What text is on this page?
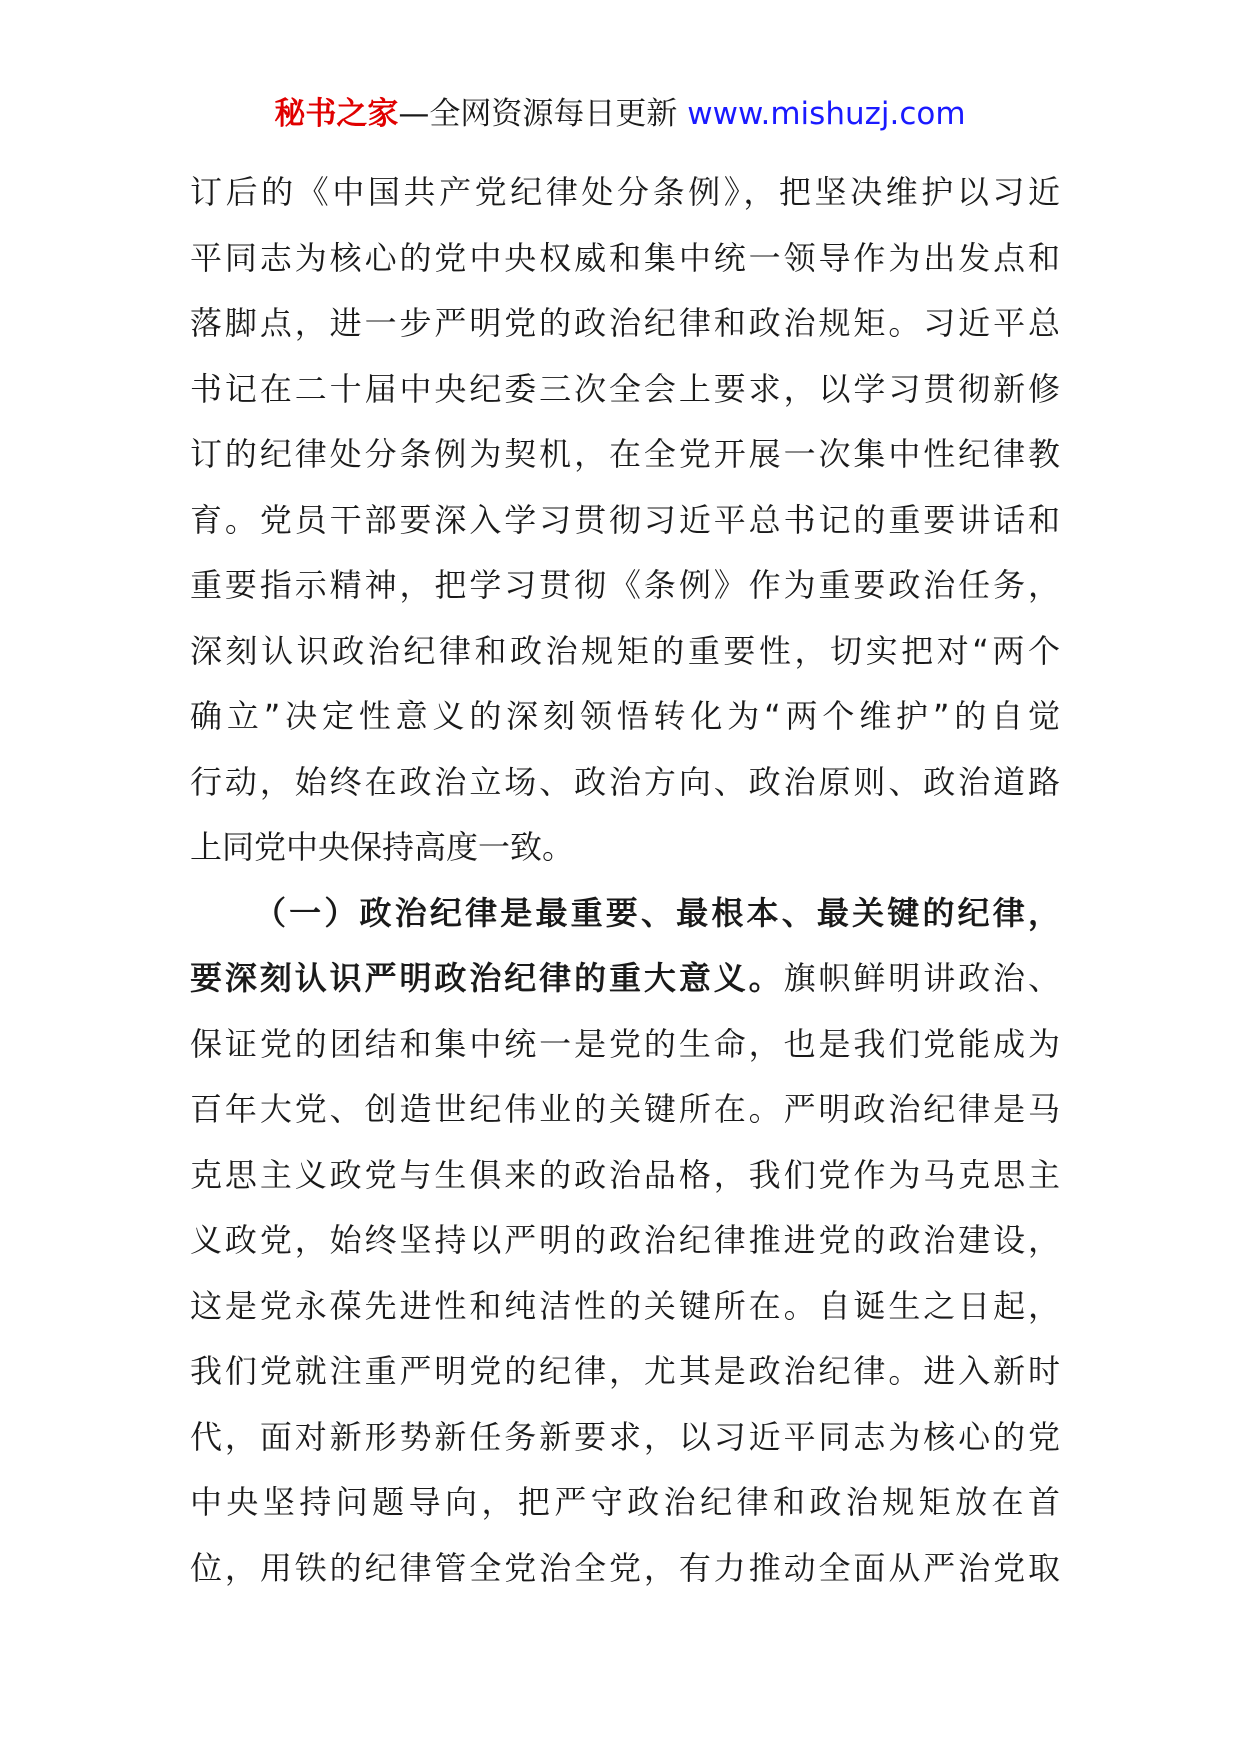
秘书之家—全网资源每日更新 www.mishuzj.com
订后的《中国共产党纪律处分条例》，把坚决维护以习近
平同志为核心的党中央权威和集中统一领导作为出发点和
落脚点，进一步严明党的政治纪律和政治规矩。习近平总
书记在二十届中央纪委三次全会上要求，以学习贯彻新修
订的纪律处分条例为契机，在全党开展一次集中性纪律教
育。党员干部要深入学习贯彻习近平总书记的重要讲话和
重要指示精神，把学习贯彻《条例》作为重要政治任务，
深刻认识政治纪律和政治规矩的重要性，切实把对“两个
确立”决定性意义的深刻领悟转化为“两个维护”的自觉
行动，始终在政治立场、政治方向、政治原则、政治道路
上同党中央保持高度一致。
（一）政治纪律是最重要、最根本、最关键的纪律，
要深刻认识严明政治纪律的重大意义。旗帜鲜明讲政治、
保证党的团结和集中统一是党的生命，也是我们党能成为
百年大党、创造世纪伟业的关键所在。严明政治纪律是马
克思主义政党与生俱来的政治品格，我们党作为马克思主
义政党，始终坚持以严明的政治纪律推进党的政治建设，
这是党永葆先进性和纯洁性的关键所在。自诞生之日起，
我们党就注重严明党的纪律，尤其是政治纪律。进入新时
代，面对新形势新任务新要求，以习近平同志为核心的党
中央坚持问题导向，把严守政治纪律和政治规矩放在首
位，用铁的纪律管全党治全党，有力推动全面从严治党取
